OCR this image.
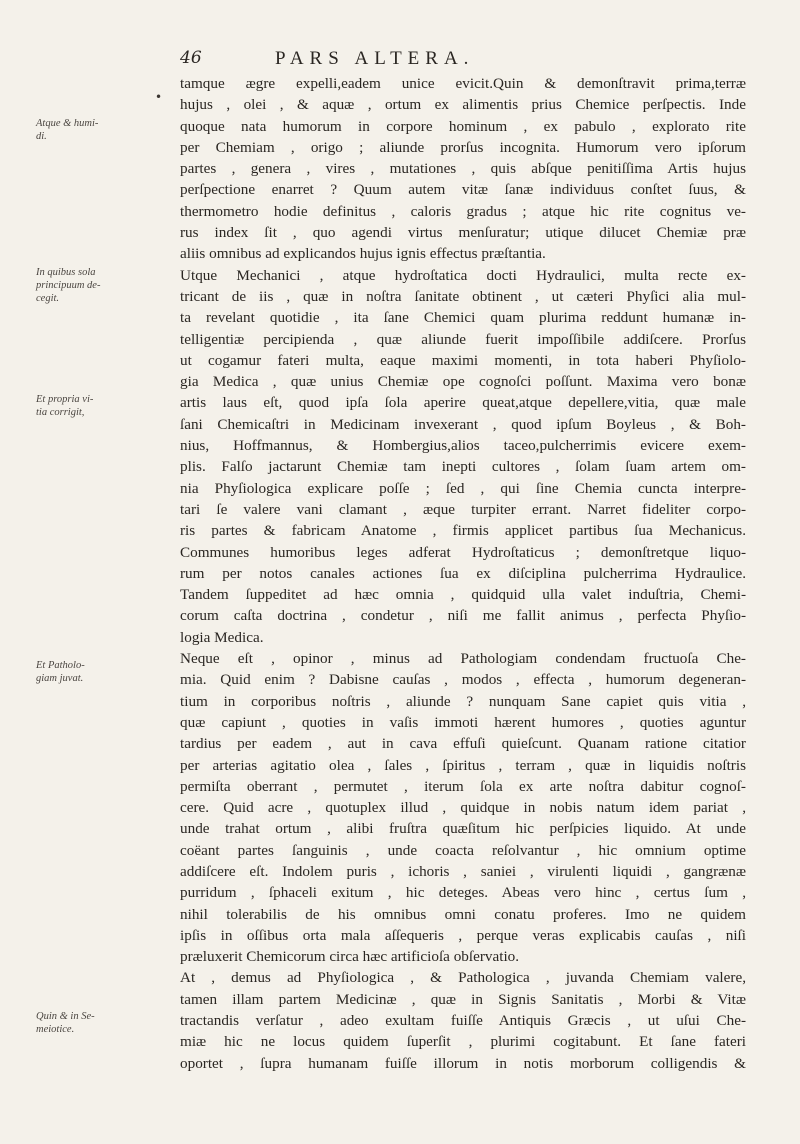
46	PARS ALTERA.
•
Atque & humi-
di.
In quibus sola
principuum de-
cegit.
Et propria vi-
tia corrigit,
Et Patholo-
giam juvat.
Quin & in Se-
meiotice.
tamque ægre expelli,eadem unice evicit.Quin & demonſtravit prima,terræ
hujus , olei , & aquæ , ortum ex alimentis prius Chemice perſpectis. Inde
quoque nata humorum in corpore hominum , ex pabulo , explorato rite
per Chemiam , origo ; aliunde prorſus incognita. Humorum vero ipſorum
partes , genera , vires , mutationes , quis abſque penitiſſima Artis hujus
perſpectione enarret ? Quum autem vitæ ſanæ individuus conſtet ſuus, &
thermometro hodie definitus , caloris gradus ; atque hic rite cognitus ve-
rus index ſit , quo agendi virtus menſuratur; utique dilucet Chemiæ præ
aliis omnibus ad explicandos hujus ignis effectus præſtantia.
Utque Mechanici , atque hydroſtatica docti Hydraulici, multa recte ex-
tricant de iis , quæ in noſtra ſanitate obtinent , ut cæteri Phyſici alia mul-
ta revelant quotidie , ita ſane Chemici quam plurima reddunt humanæ in-
telligentiæ percipienda , quæ aliunde fuerit impoſſibile addiſcere. Prorſus
ut cogamur fateri multa, eaque maximi momenti, in tota haberi Phyſiolo-
gia Medica , quæ unius Chemiæ ope cognoſci poſſunt. Maxima vero bonæ
artis laus eſt, quod ipſa ſola aperire queat,atque depellere,vitia, quæ male
ſani Chemicaſtri in Medicinam invexerant , quod ipſum Boyleus , & Boh-
nius, Hoffmannus, & Hombergius,alios taceo,pulcherrimis evicere exem-
plis. Falſo jactarunt Chemiæ tam inepti cultores , ſolam ſuam artem om-
nia Phyſiologica explicare poſſe ; ſed , qui ſine Chemia cuncta interpre-
tari ſe valere vani clamant , æque turpiter errant. Narret fideliter corpo-
ris partes & fabricam Anatome , firmis applicet partibus ſua Mechanicus.
Communes humoribus leges adferat Hydroſtaticus ; demonſtretque liquo-
rum per notos canales actiones ſua ex diſciplina pulcherrima Hydraulice.
Tandem ſuppeditet ad hæc omnia , quidquid ulla valet induſtria, Chemi-
corum caſta doctrina , condetur , niſi me fallit animus , perfecta Phyſio-
logia Medica.
Neque eſt , opinor , minus ad Pathologiam condendam fructuoſa Che-
mia. Quid enim ? Dabisne cauſas , modos , effecta , humorum degeneran-
tium in corporibus noſtris , aliunde ? nunquam Sane capiet quis vitia ,
quæ capiunt , quoties in vaſis immoti hærent humores , quoties aguntur
tardius per eadem , aut in cava effuſi quieſcunt. Quanam ratione citatior
per arterias agitatio olea , ſales , ſpiritus , terram , quæ in liquidis noſtris
permiſta oberrant , permutet , iterum ſola ex arte noſtra dabitur cognoſ-
cere. Quid acre , quotuplex illud , quidque in nobis natum idem pariat ,
unde trahat ortum , alibi fruſtra quæſitum hic perſpicies liquido. At unde
coëant partes ſanguinis , unde coacta reſolvantur , hic omnium optime
addiſcere eſt. Indolem puris , ichoris , saniei , virulenti liquidi , gangrænæ
purridum , ſphaceli exitum , hic deteges. Abeas vero hinc , certus ſum ,
nihil tolerabilis de his omnibus omni conatu proferes. Imo ne quidem
ipſis in oſſibus orta mala aſſequeris , perque veras explicabis cauſas , niſi
præluxerit Chemicorum circa hæc artificioſa obſervatio.
At , demus ad Phyſiologica , & Pathologica , juvanda Chemiam valere,
tamen illam partem Medicinæ , quæ in Signis Sanitatis , Morbi & Vitæ
tractandis verſatur , adeo exultam fuiſſe Antiquis Græcis , ut uſui Che-
miæ hic ne locus quidem ſuperſit , plurimi cogitabunt. Et ſane fateri
oportet , ſupra humanam fuiſſe illorum in notis morborum colligendis &
